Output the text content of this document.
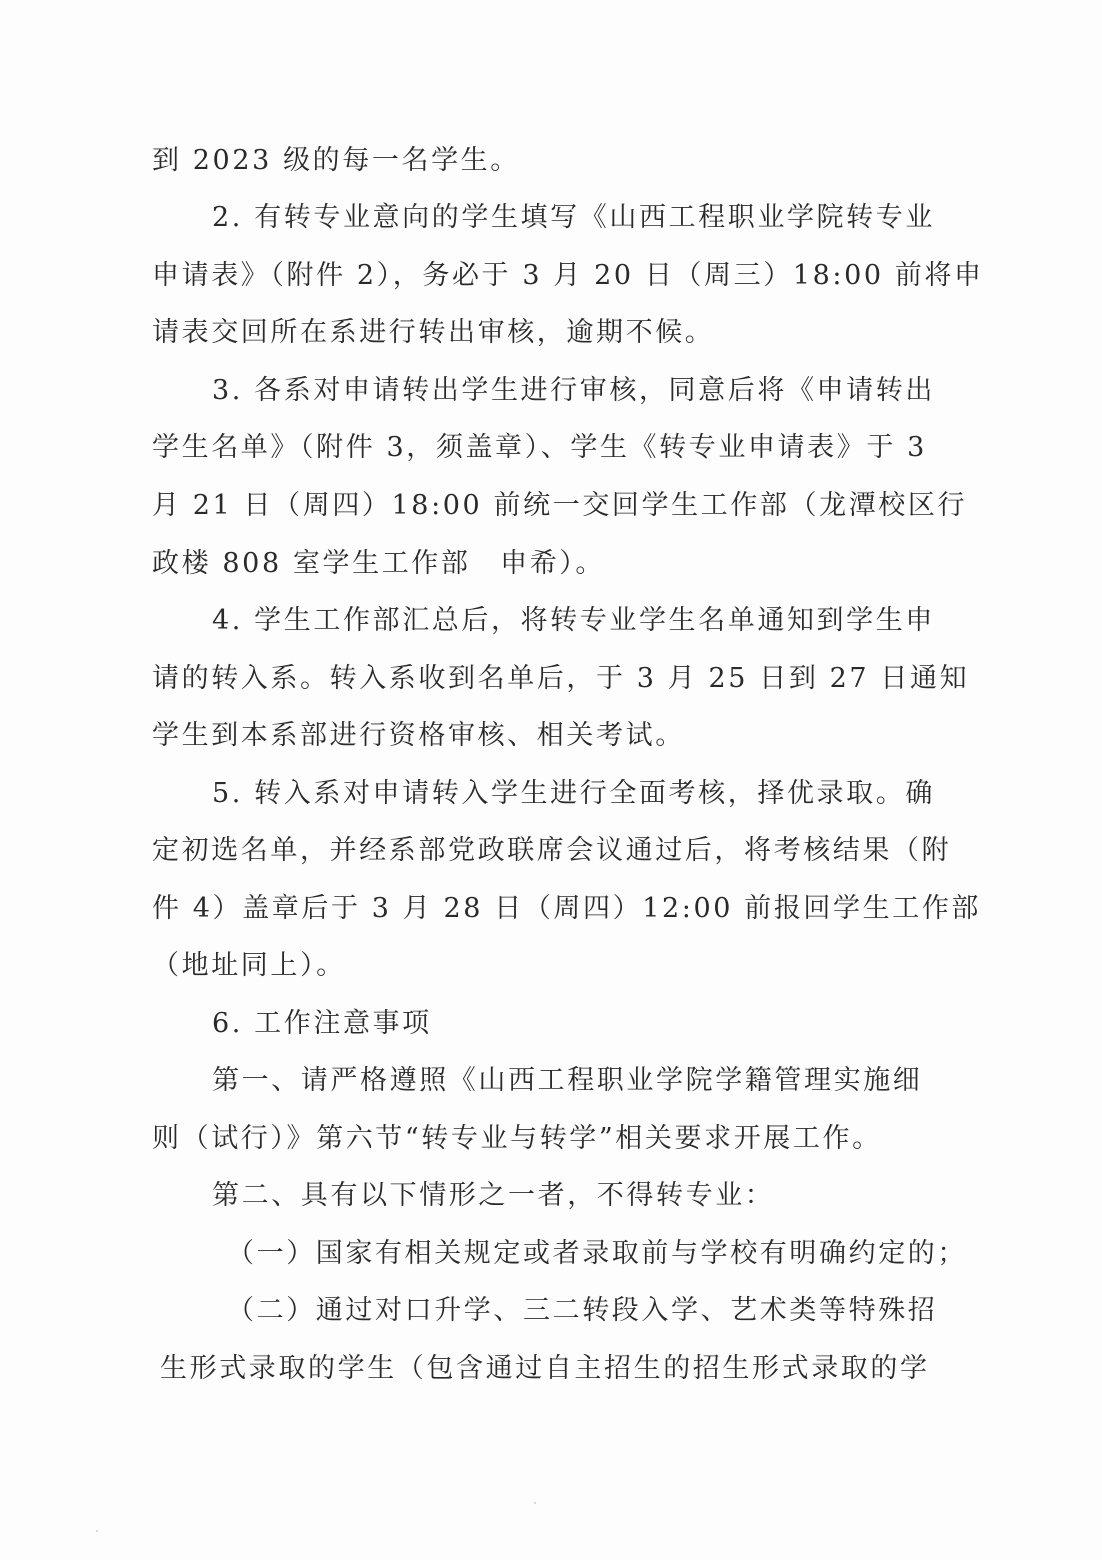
到 2023 级的每一名学生。
2. 有转专业意向的学生填写《山西工程职业学院转专业
申请表》（附件 2），务必于 3 月 20 日（周三）18:00 前将申
请表交回所在系进行转出审核，逾期不候。
3. 各系对申请转出学生进行审核，同意后将《申请转出
学生名单》（附件 3，须盖章）、学生《转专业申请表》于 3
月 21 日（周四）18:00 前统一交回学生工作部（龙潭校区行
政楼 808 室学生工作部　申希）。
4. 学生工作部汇总后，将转专业学生名单通知到学生申
请的转入系。转入系收到名单后，于 3 月 25 日到 27 日通知
学生到本系部进行资格审核、相关考试。
5. 转入系对申请转入学生进行全面考核，择优录取。确
定初选名单，并经系部党政联席会议通过后，将考核结果（附
件 4）盖章后于 3 月 28 日（周四）12:00 前报回学生工作部
（地址同上）。
6. 工作注意事项
第一、请严格遵照《山西工程职业学院学籍管理实施细
则（试行）》第六节“转专业与转学”相关要求开展工作。
第二、具有以下情形之一者，不得转专业：
（一）国家有相关规定或者录取前与学校有明确约定的；
（二）通过对口升学、三二转段入学、艺术类等特殊招
生形式录取的学生（包含通过自主招生的招生形式录取的学
